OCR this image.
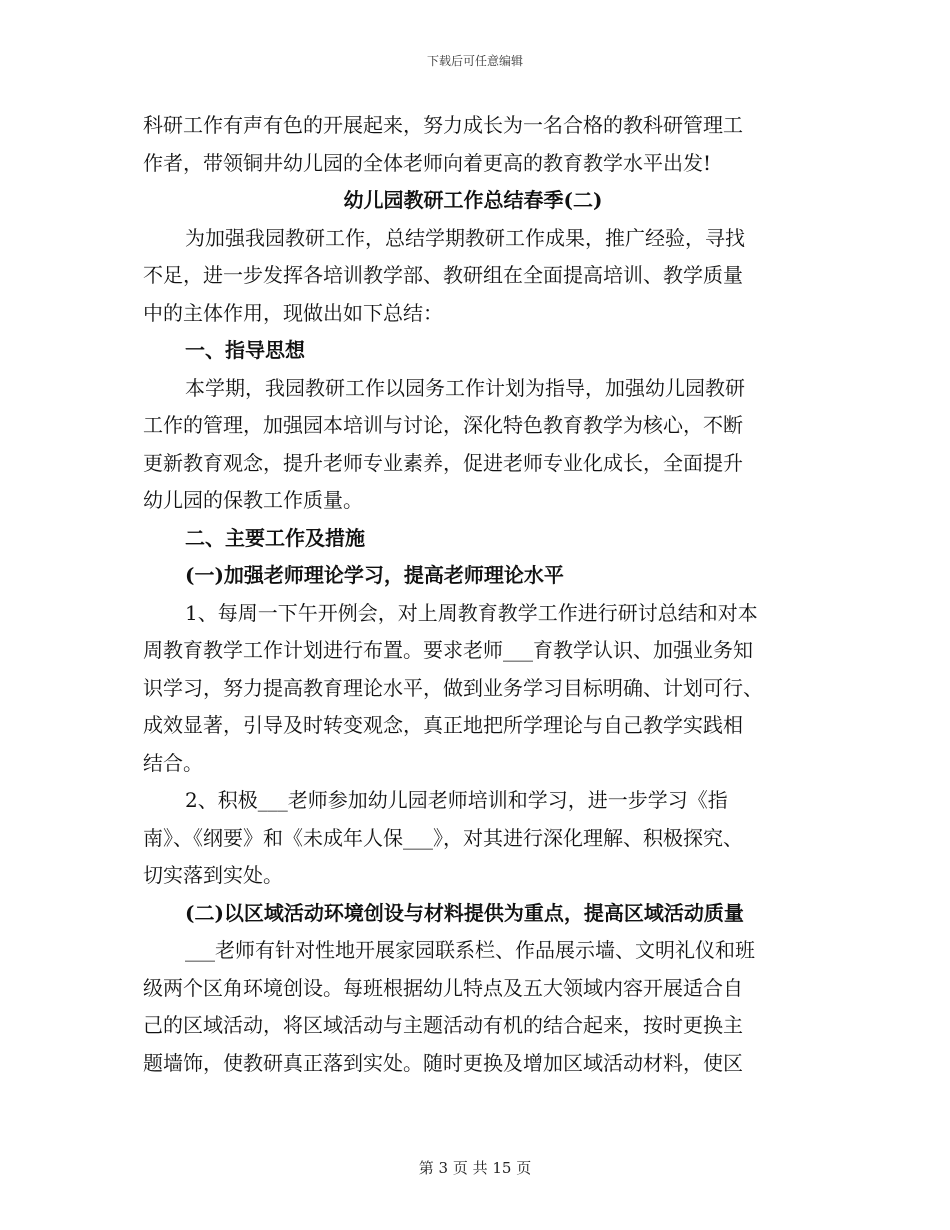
下载后可任意编辑
科研工作有声有色的开展起来，努力成长为一名合格的教科研管理工
作者，带领铜井幼儿园的全体老师向着更高的教育教学水平出发!
幼儿园教研工作总结春季(二)
为加强我园教研工作，总结学期教研工作成果，推广经验，寻找
不足，进一步发挥各培训教学部、教研组在全面提高培训、教学质量
中的主体作用，现做出如下总结：
一、指导思想
本学期，我园教研工作以园务工作计划为指导，加强幼儿园教研
工作的管理，加强园本培训与讨论，深化特色教育教学为核心，不断
更新教育观念，提升老师专业素养，促进老师专业化成长，全面提升
幼儿园的保教工作质量。
二、主要工作及措施
(一)加强老师理论学习，提高老师理论水平
1、每周一下午开例会，对上周教育教学工作进行研讨总结和对本
周教育教学工作计划进行布置。要求老师___育教学认识、加强业务知
识学习，努力提高教育理论水平，做到业务学习目标明确、计划可行、
成效显著，引导及时转变观念，真正地把所学理论与自己教学实践相
结合。
2、积极___老师参加幼儿园老师培训和学习，进一步学习《指
南》、《纲要》和《未成年人保___》，对其进行深化理解、积极探究、
切实落到实处。
(二)以区域活动环境创设与材料提供为重点，提高区域活动质量
___老师有针对性地开展家园联系栏、作品展示墙、文明礼仪和班
级两个区角环境创设。每班根据幼儿特点及五大领域内容开展适合自
己的区域活动，将区域活动与主题活动有机的结合起来，按时更换主
题墙饰，使教研真正落到实处。随时更换及增加区域活动材料，使区
第 3 页 共 15 页
